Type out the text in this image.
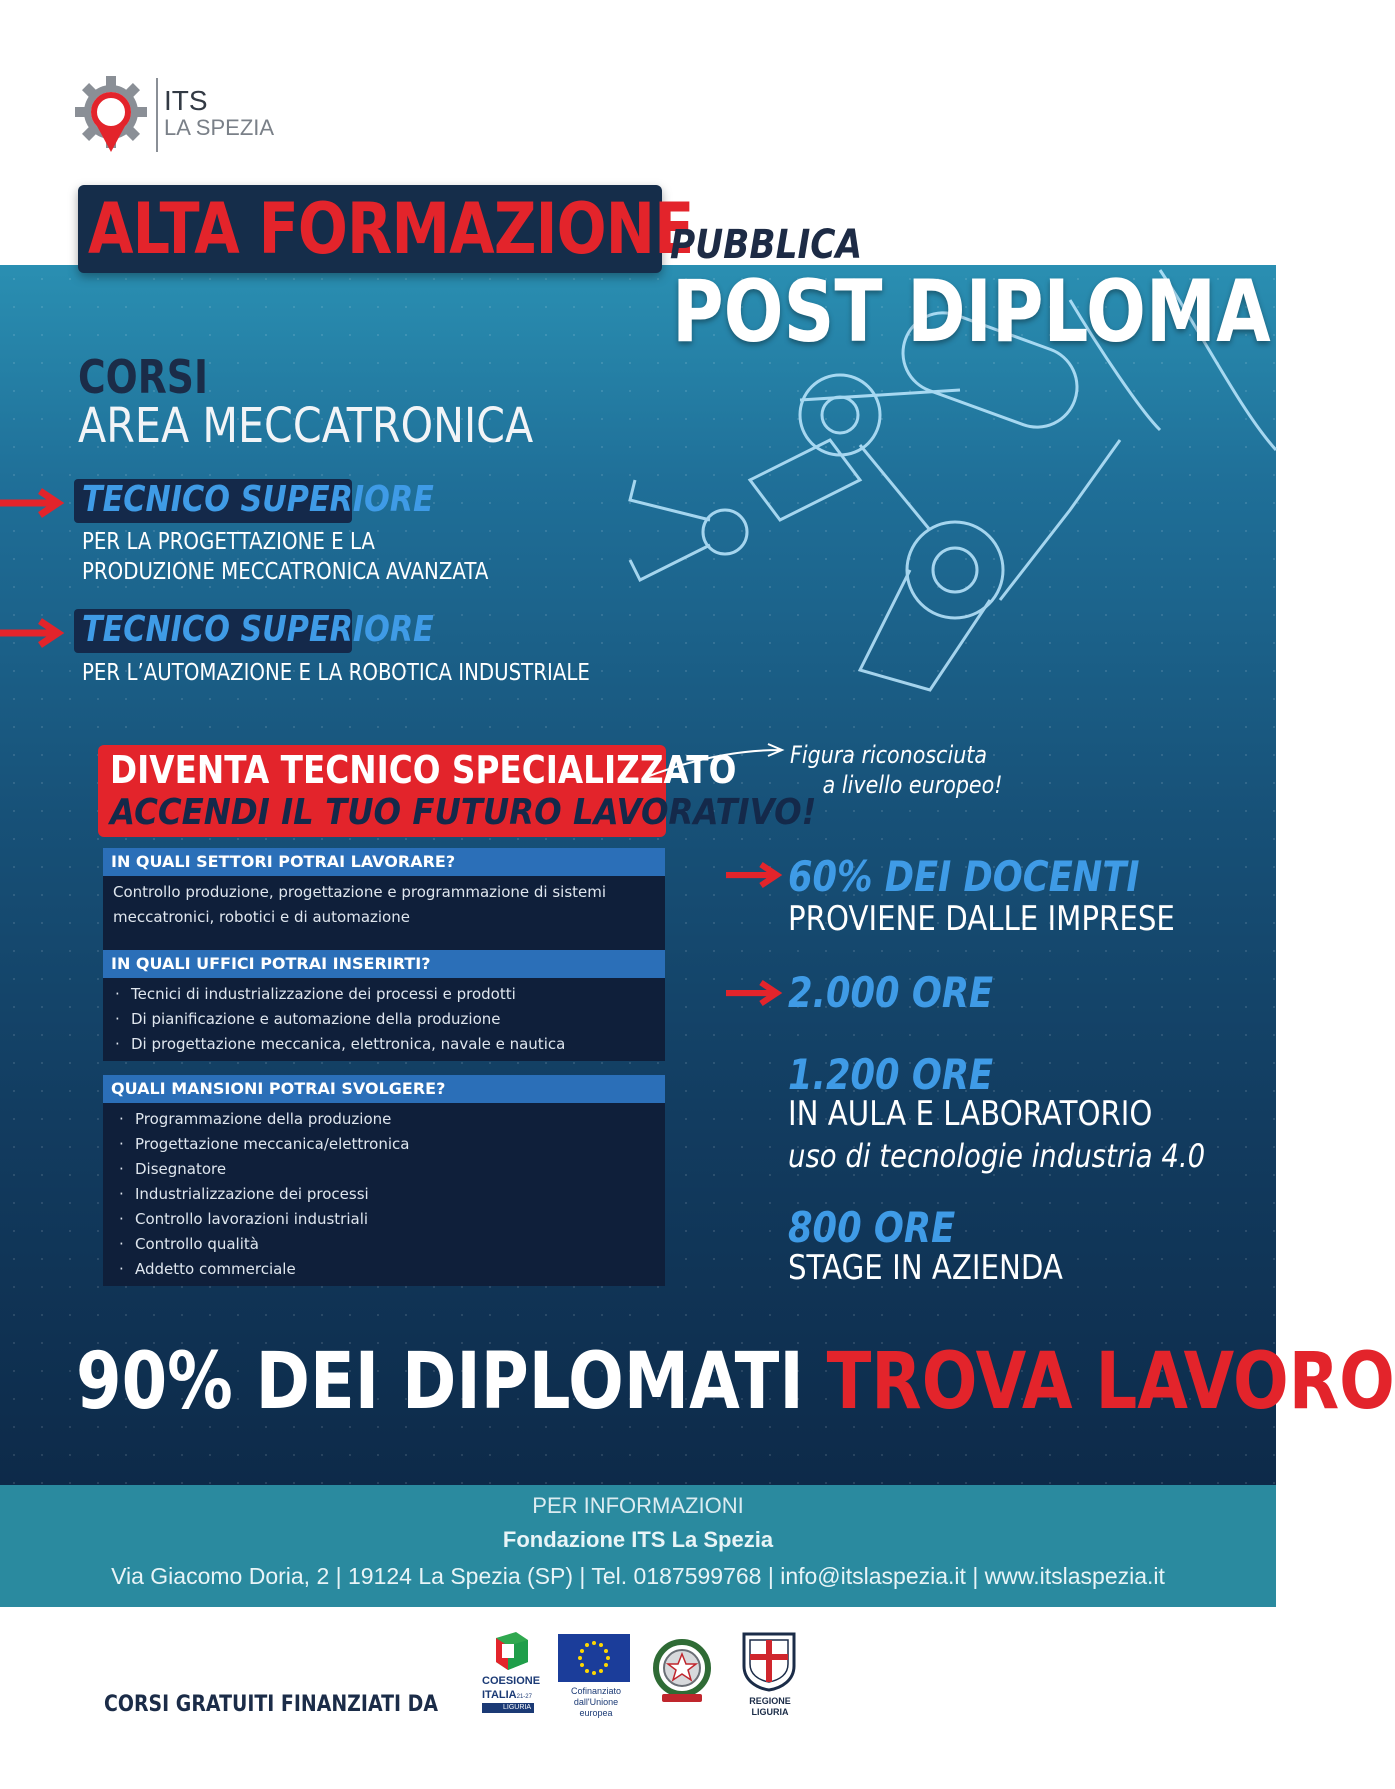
ITS
LA SPEZIA
ALTA FORMAZIONE
PUBBLICA
POST DIPLOMA
CORSI
AREA MECCATRONICA
TECNICO SUPERIORE
PER LA PROGETTAZIONE E LA
PRODUZIONE MECCATRONICA AVANZATA
TECNICO SUPERIORE
PER L’AUTOMAZIONE E LA ROBOTICA INDUSTRIALE
DIVENTA TECNICO SPECIALIZZATO
ACCENDI IL TUO FUTURO LAVORATIVO!
Figura riconosciuta
a livello europeo!
IN QUALI SETTORI POTRAI LAVORARE?
Controllo produzione, progettazione e programmazione di sistemi meccatronici, robotici e di automazione
IN QUALI UFFICI POTRAI INSERIRTI?
· Tecnici di industrializzazione dei processi e prodotti
· Di pianificazione e automazione della produzione
· Di progettazione meccanica, elettronica, navale e nautica
QUALI MANSIONI POTRAI SVOLGERE?
· Programmazione della produzione
· Progettazione meccanica/elettronica
· Disegnatore
· Industrializzazione dei processi
· Controllo lavorazioni industriali
· Controllo qualità
· Addetto commerciale
60% DEI DOCENTI
PROVIENE DALLE IMPRESE
2.000 ORE
1.200 ORE
IN AULA E LABORATORIO
uso di tecnologie industria 4.0
800 ORE
STAGE IN AZIENDA
90% DEI DIPLOMATI TROVA LAVORO
PER INFORMAZIONI
Fondazione ITS La Spezia
Via Giacomo Doria, 2 | 19124 La Spezia (SP) | Tel. 0187599768 | info@itslaspezia.it | www.itslaspezia.it
CORSI GRATUITI FINANZIATI DA
COESIONE
ITALIA21-27
LIGURIA
Cofinanziato
dall'Unione europea
REGIONE LIGURIA
